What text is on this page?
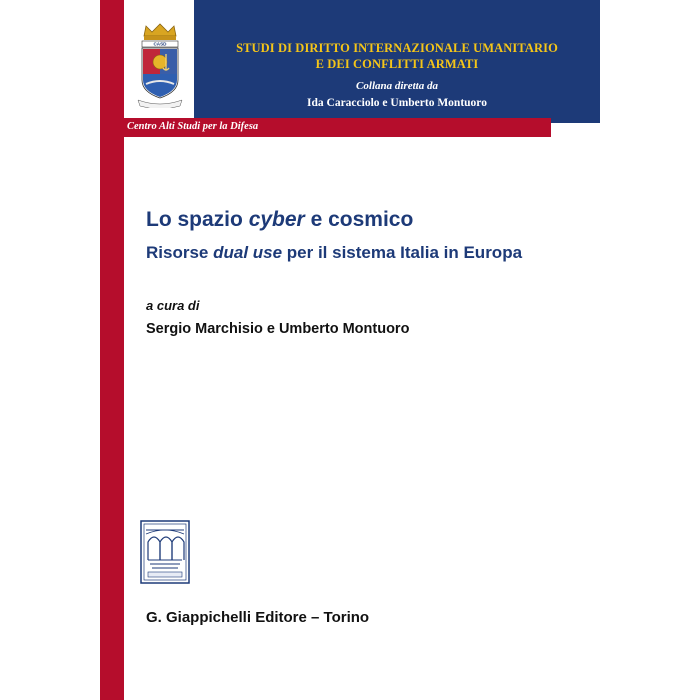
CASD	STUDI DI DIRITTO INTERNAZIONALE UMANITARIO
E DEI CONFLITTI ARMATI
Collana diretta da
Ida Caracciolo e Umberto Montuoro
Centro Alti Studi per la Difesa
Lo spazio cyber e cosmico
Risorse dual use per il sistema Italia in Europa
a cura di
Sergio Marchisio e Umberto Montuoro
G. Giappichelli Editore – Torino
